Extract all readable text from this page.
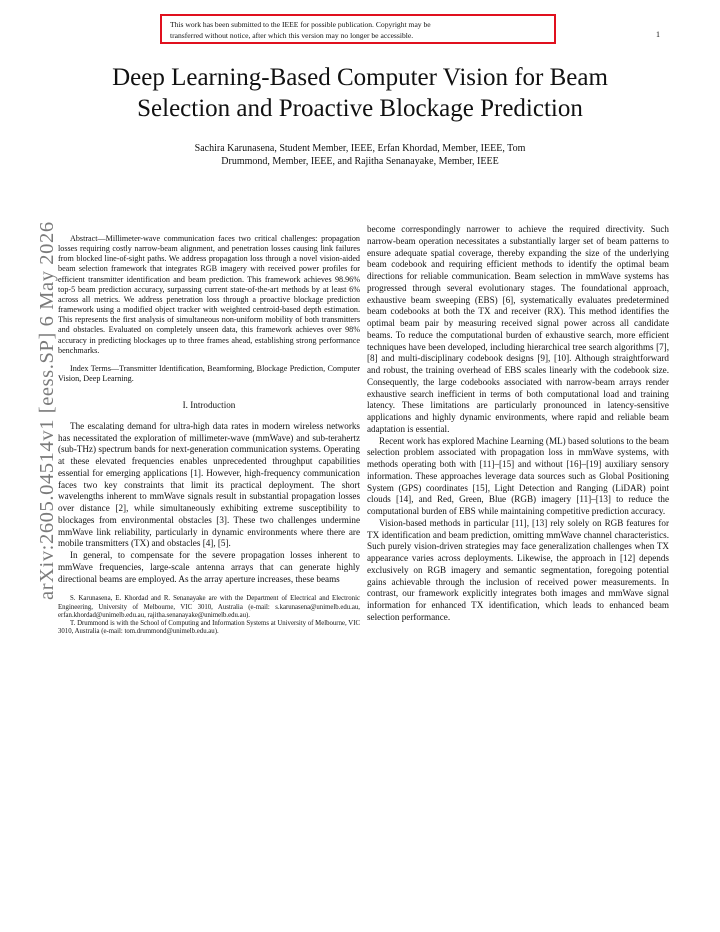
This work has been submitted to the IEEE for possible publication. Copyright may be
transferred without notice, after which this version may no longer be accessible.	1
arXiv:2605.04514v1 [eess.SP] 6 May 2026
Deep Learning-Based Computer Vision for Beam
Selection and Proactive Blockage Prediction
Sachira Karunasena, Student Member, IEEE, Erfan Khordad, Member, IEEE, Tom
Drummond, Member, IEEE, and Rajitha Senanayake, Member, IEEE

Abstract—Millimeter-wave communication faces two critical challenges: propagation losses requiring costly narrow-beam alignment, and penetration losses causing link failures from blocked line-of-sight paths. We address propagation loss through a novel vision-aided beam selection framework that integrates RGB imagery with received power profiles for efficient transmitter identification and beam prediction. This framework achieves 98.96% top-5 beam prediction accuracy, surpassing current state-of-the-art methods by at least 6% across all metrics. We address penetration loss through a proactive blockage prediction framework using a modified object tracker with weighted centroid-based depth estimation. This represents the first analysis of simultaneous non-uniform mobility of both transmitters and obstacles. Evaluated on completely unseen data, this framework achieves over 98% accuracy in predicting blockages up to three frames ahead, establishing strong performance benchmarks.

Index Terms—Transmitter Identification, Beamforming, Blockage Prediction, Computer Vision, Deep Learning.

I. Introduction

The escalating demand for ultra-high data rates in modern wireless networks has necessitated the exploration of millimeter-wave (mmWave) and sub-terahertz (sub-THz) spectrum bands for next-generation communication systems. Operating at these elevated frequencies enables unprecedented throughput capabilities essential for emerging applications [1]. However, high-frequency communication faces two key constraints that limit its practical deployment. The short wavelengths inherent to mmWave signals result in substantial propagation losses over distance [2], while simultaneously exhibiting extreme susceptibility to blockages from environmental obstacles [3]. These two challenges undermine mmWave link reliability, particularly in dynamic environments where there are mobile transmitters (TX) and obstacles [4], [5].

In general, to compensate for the severe propagation losses inherent to mmWave frequencies, large-scale antenna arrays that can generate highly directional beams are employed. As the array aperture increases, these beams

S. Karunasena, E. Khordad and R. Senanayake are with the Department of Electrical and Electronic Engineering, University of Melbourne, VIC 3010, Australia (e-mail: s.karunasena@unimelb.edu.au, erfan.khordad@unimelb.edu.au, rajitha.senanayake@unimelb.edu.au).

T. Drummond is with the School of Computing and Information Systems at University of Melbourne, VIC 3010, Australia (e-mail: tom.drummond@unimelb.edu.au).

become correspondingly narrower to achieve the required directivity. Such narrow-beam operation necessitates a substantially larger set of beam patterns to ensure adequate spatial coverage, thereby expanding the size of the underlying beam codebook and requiring efficient methods to identify the optimal beam directions for reliable communication. Beam selection in mmWave systems has progressed through several evolutionary stages. The foundational approach, exhaustive beam sweeping (EBS) [6], systematically evaluates predetermined beam codebooks at both the TX and receiver (RX). This method identifies the optimal beam pair by measuring received signal power across all candidate beams. To reduce the computational burden of exhaustive search, more efficient techniques have been developed, including hierarchical tree search algorithms [7], [8] and multi-disciplinary codebook designs [9], [10]. Although straightforward and robust, the training overhead of EBS scales linearly with the codebook size. Consequently, the large codebooks associated with narrow-beam arrays render exhaustive search inefficient in terms of both computational load and training latency. These limitations are particularly pronounced in latency-sensitive applications and highly dynamic environments, where rapid and reliable beam adaptation is essential.

Recent work has explored Machine Learning (ML) based solutions to the beam selection problem associated with propagation loss in mmWave systems, with methods operating both with [11]–[15] and without [16]–[19] auxiliary sensory information. These approaches leverage data sources such as Global Positioning System (GPS) coordinates [15], Light Detection and Ranging (LiDAR) point clouds [14], and Red, Green, Blue (RGB) imagery [11]–[13] to reduce the computational burden of EBS while maintaining competitive prediction accuracy.

Vision-based methods in particular [11], [13] rely solely on RGB features for TX identification and beam prediction, omitting mmWave channel characteristics. Such purely vision-driven strategies may face generalization challenges when TX appearance varies across deployments. Likewise, the approach in [12] depends exclusively on RGB imagery and semantic segmentation, foregoing potential gains achievable through the inclusion of received power measurements. In contrast, our framework explicitly integrates both images and mmWave signal information for enhanced TX identification, which leads to enhanced beam selection performance.
